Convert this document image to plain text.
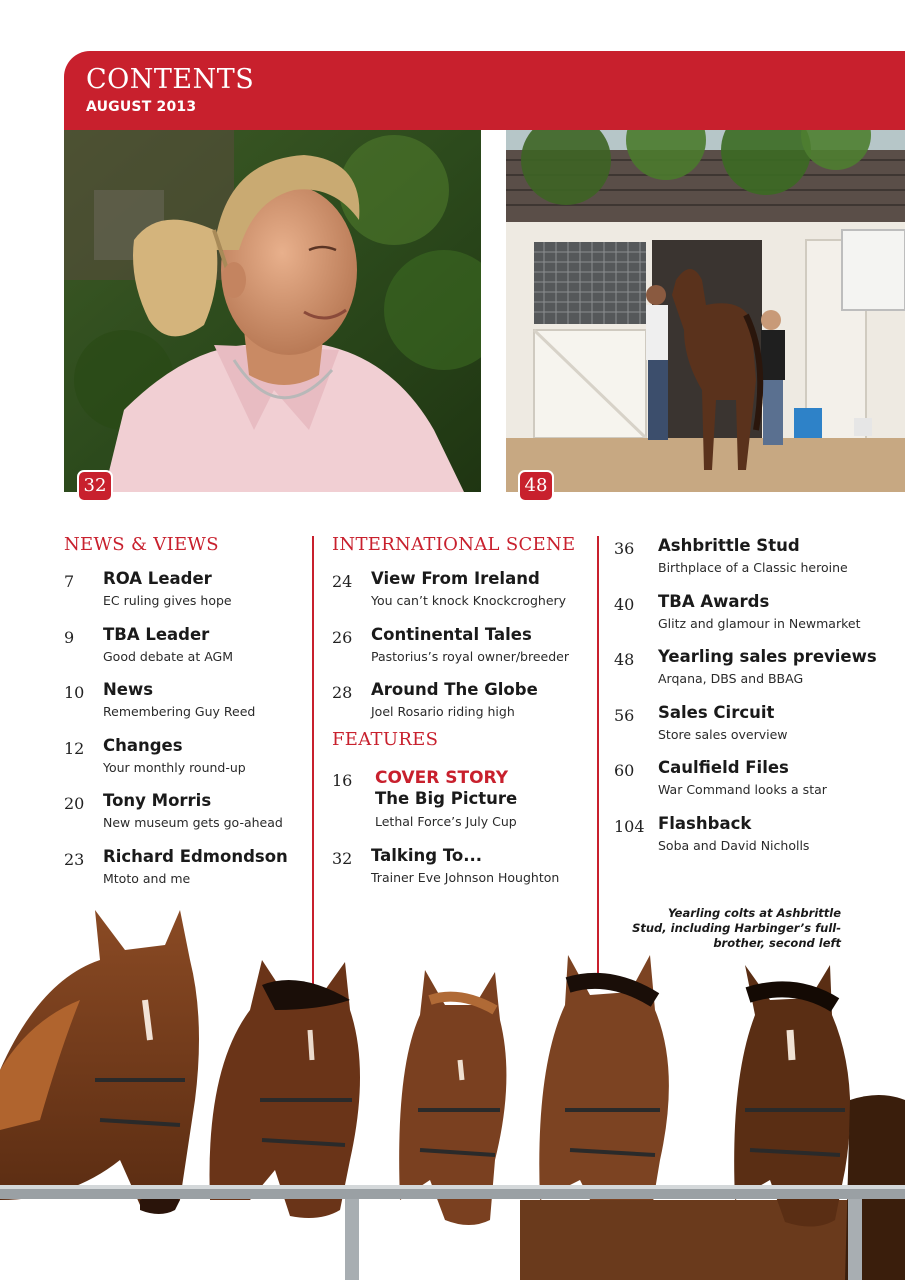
CONTENTS
AUGUST 2013
32	48
NEWS & VIEWS
7 ROA Leader
EC ruling gives hope
9 TBA Leader
Good debate at AGM
10 News
Remembering Guy Reed
12 Changes
Your monthly round-up
20 Tony Morris
New museum gets go-ahead
23 Richard Edmondson
Mtoto and me
INTERNATIONAL SCENE
24 View From Ireland
You can’t knock Knockcroghery
26 Continental Tales
Pastorius’s royal owner/breeder
28 Around The Globe
Joel Rosario riding high
FEATURES
16 COVER STORY
The Big Picture
Lethal Force’s July Cup
32 Talking To...
Trainer Eve Johnson Houghton
36 Ashbrittle Stud
Birthplace of a Classic heroine
40 TBA Awards
Glitz and glamour in Newmarket
48 Yearling sales previews
Arqana, DBS and BBAG
56 Sales Circuit
Store sales overview
60 Caulfield Files
War Command looks a star
104 Flashback
Soba and David Nicholls
Yearling colts at Ashbrittle Stud, including Harbinger’s full-brother, second left
